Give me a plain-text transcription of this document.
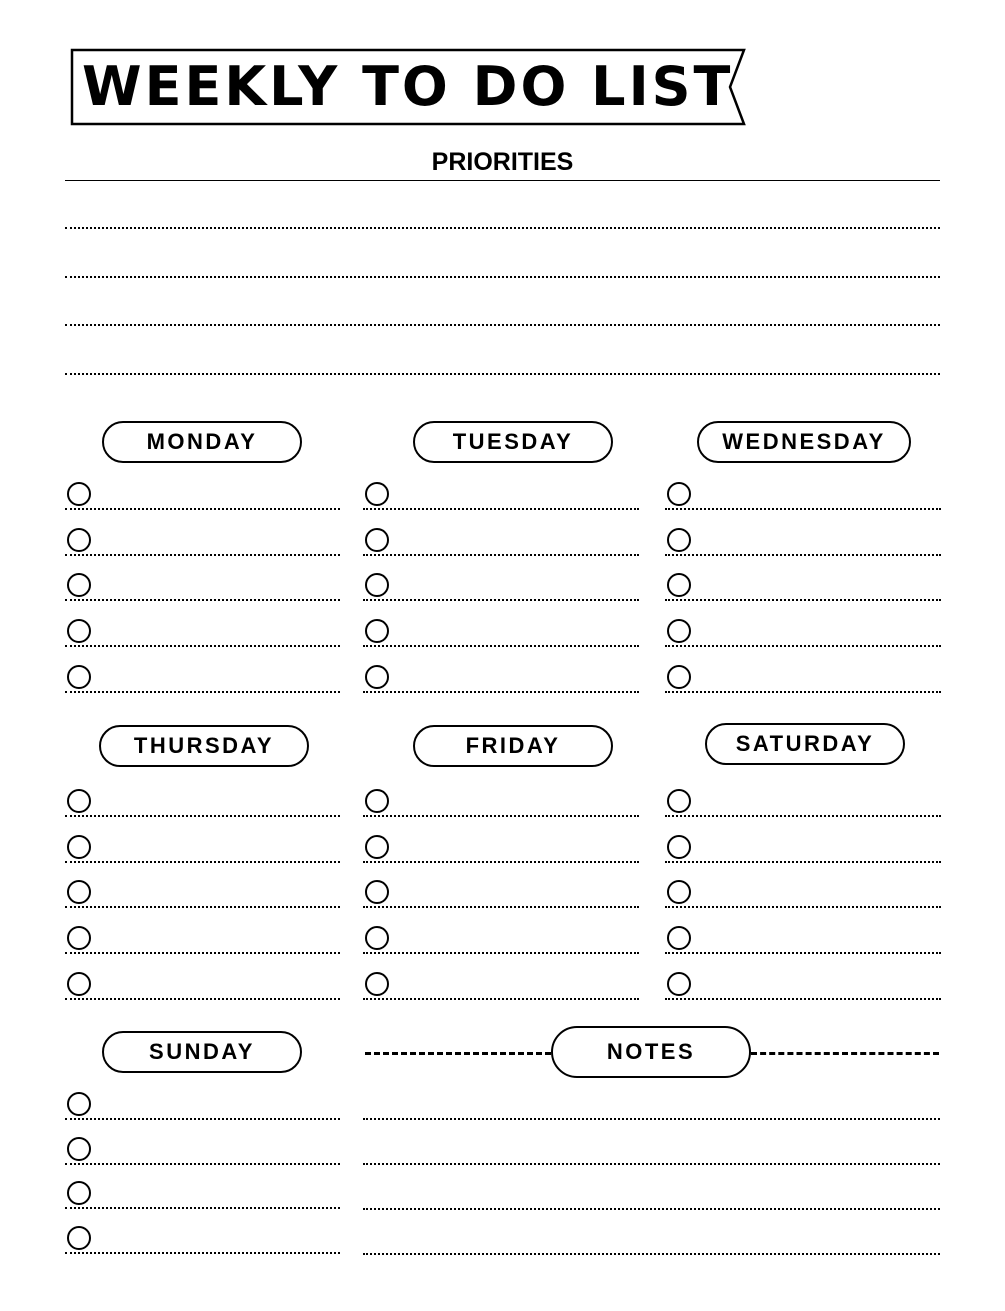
WEEKLY TO DO LIST
PRIORITIES
MONDAY	TUESDAY	WEDNESDAY
THURSDAY	FRIDAY	SATURDAY
SUNDAY	NOTES
